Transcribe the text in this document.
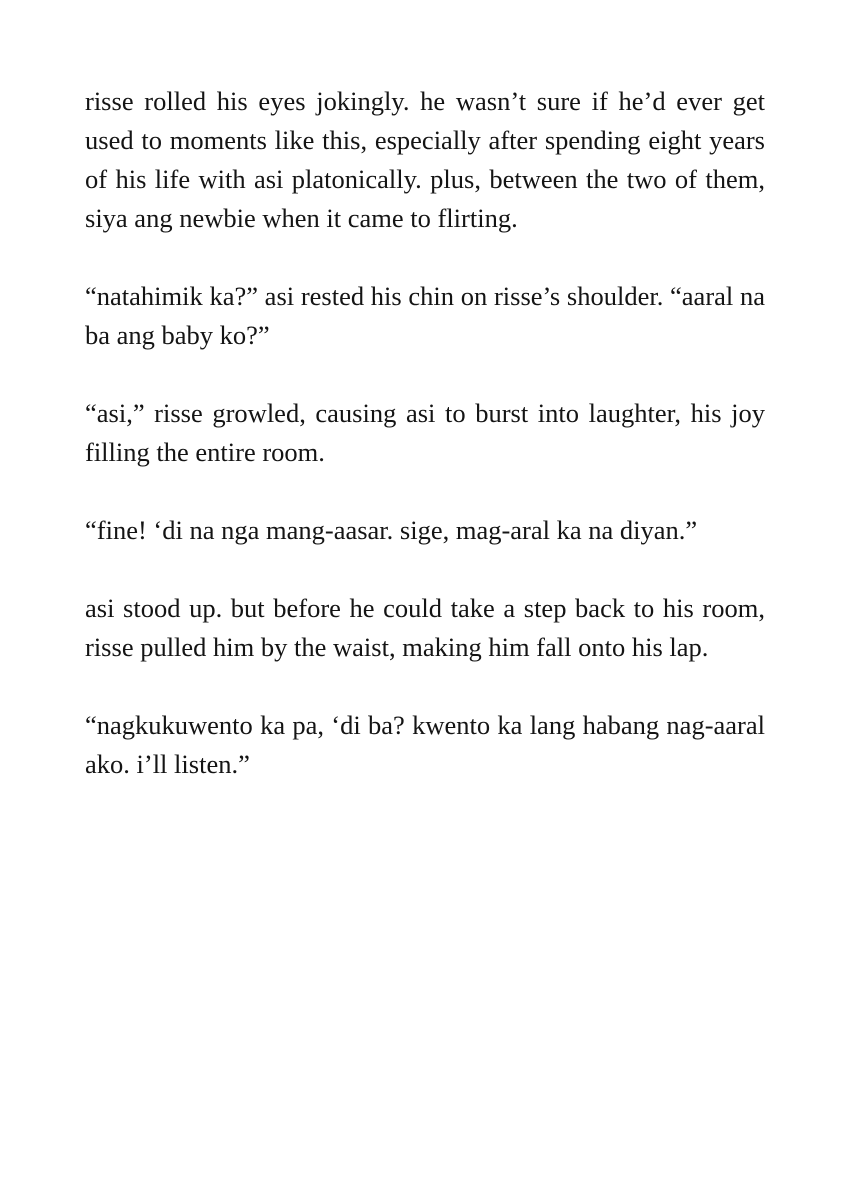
risse rolled his eyes jokingly. he wasn’t sure if he’d ever get used to moments like this, especially after spending eight years of his life with asi platonically. plus, between the two of them, siya ang newbie when it came to flirting.

“natahimik ka?” asi rested his chin on risse’s shoulder. “aaral na ba ang baby ko?”

“asi,” risse growled, causing asi to burst into laughter, his joy filling the entire room.

“fine! ‘di na nga mang-aasar. sige, mag-aral ka na diyan.”

asi stood up. but before he could take a step back to his room, risse pulled him by the waist, making him fall onto his lap.

“nagkukuwento ka pa, ‘di ba? kwento ka lang habang nag-aaral ako. i’ll listen.”
